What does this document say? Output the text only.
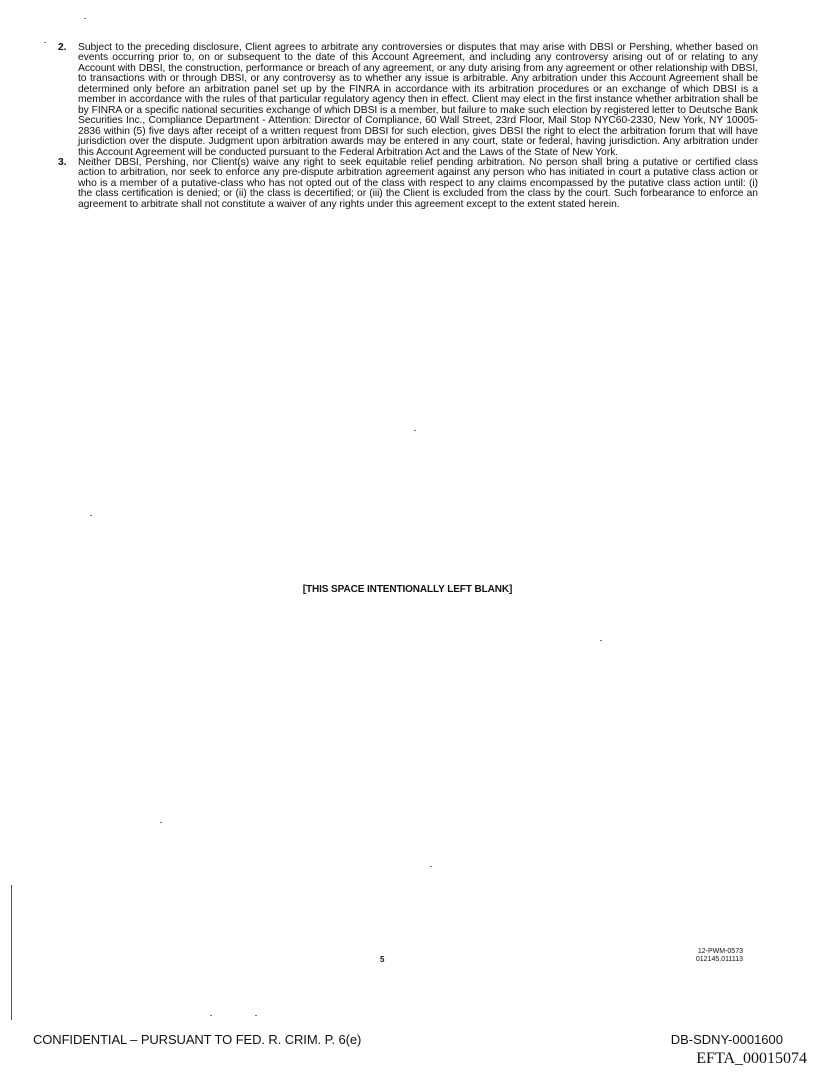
2. Subject to the preceding disclosure, Client agrees to arbitrate any controversies or disputes that may arise with DBSI or Pershing, whether based on events occurring prior to, on or subsequent to the date of this Account Agreement, and including any controversy arising out of or relating to any Account with DBSI, the construction, performance or breach of any agreement, or any duty arising from any agreement or other relationship with DBSI, to transactions with or through DBSI, or any controversy as to whether any issue is arbitrable. Any arbitration under this Account Agreement shall be determined only before an arbitration panel set up by the FINRA in accordance with its arbitration procedures or an exchange of which DBSI is a member in accordance with the rules of that particular regulatory agency then in effect. Client may elect in the first instance whether arbitration shall be by FINRA or a specific national securities exchange of which DBSI is a member, but failure to make such election by registered letter to Deutsche Bank Securities Inc., Compliance Department - Attention: Director of Compliance, 60 Wall Street, 23rd Floor, Mail Stop NYC60-2330, New York, NY 10005-2836 within (5) five days after receipt of a written request from DBSI for such election, gives DBSI the right to elect the arbitration forum that will have jurisdiction over the dispute. Judgment upon arbitration awards may be entered in any court, state or federal, having jurisdiction. Any arbitration under this Account Agreement will be conducted pursuant to the Federal Arbitration Act and the Laws of the State of New York.
3. Neither DBSI, Pershing, nor Client(s) waive any right to seek equitable relief pending arbitration. No person shall bring a putative or certified class action to arbitration, nor seek to enforce any pre-dispute arbitration agreement against any person who has initiated in court a putative class action or who is a member of a putative-class who has not opted out of the class with respect to any claims encompassed by the putative class action until: (i) the class certification is denied; or (ii) the class is decertified; or (iii) the Client is excluded from the class by the court. Such forbearance to enforce an agreement to arbitrate shall not constitute a waiver of any rights under this agreement except to the extent stated herein.
[THIS SPACE INTENTIONALLY LEFT BLANK]
5
12-PWM-0573
012145.011113
CONFIDENTIAL – PURSUANT TO FED. R. CRIM. P. 6(e)	DB-SDNY-0001600
EFTA_00015074
